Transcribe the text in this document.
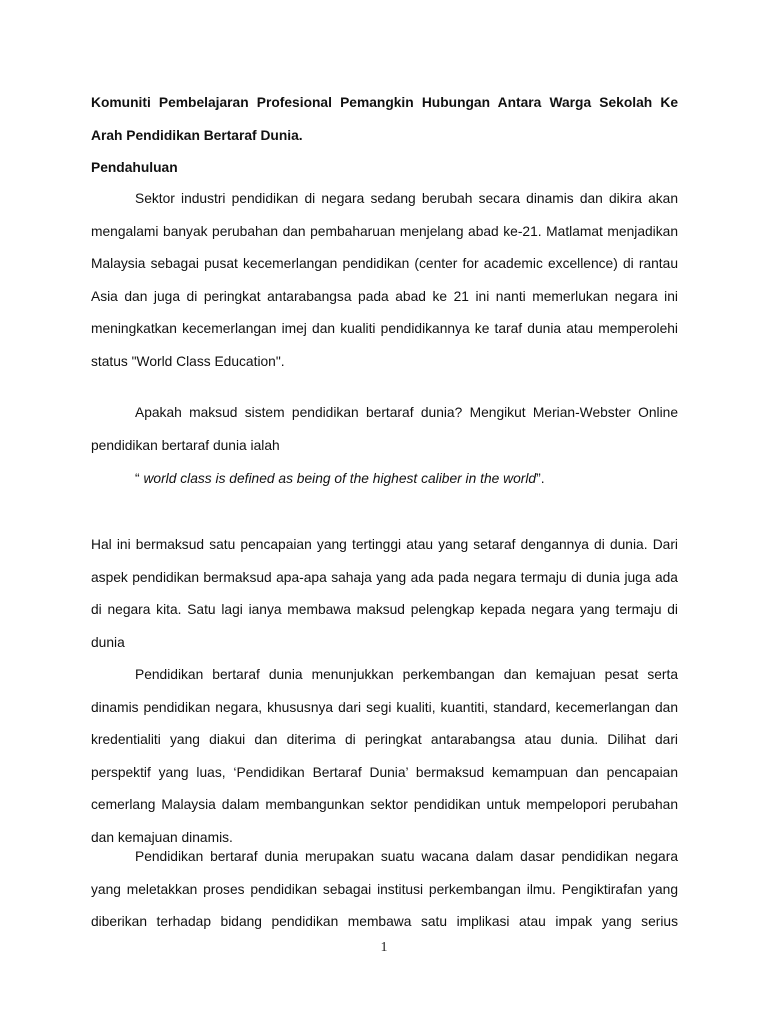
Komuniti Pembelajaran Profesional Pemangkin Hubungan Antara Warga Sekolah Ke
Arah Pendidikan Bertaraf Dunia.
Pendahuluan

Sektor industri pendidikan di negara sedang berubah secara dinamis dan dikira akan
mengalami banyak perubahan dan pembaharuan menjelang abad ke-21. Matlamat menjadikan
Malaysia sebagai pusat kecemerlangan pendidikan (center for academic excellence) di rantau
Asia dan juga di peringkat antarabangsa pada abad ke 21 ini nanti memerlukan negara ini
meningkatkan kecemerlangan imej dan kualiti pendidikannya ke taraf dunia atau memperolehi
status "World Class Education".

Apakah maksud sistem pendidikan bertaraf dunia? Mengikut Merian-Webster Online
pendidikan bertaraf dunia ialah

“ world class is defined as being of the highest caliber in the world”.

Hal ini bermaksud satu pencapaian yang tertinggi atau yang setaraf dengannya di dunia. Dari
aspek pendidikan bermaksud apa-apa sahaja yang ada pada negara termaju di dunia juga ada
di negara kita. Satu lagi ianya membawa maksud pelengkap kepada negara yang termaju di
dunia

Pendidikan bertaraf dunia menunjukkan perkembangan dan kemajuan pesat serta
dinamis pendidikan negara, khususnya dari segi kualiti, kuantiti, standard, kecemerlangan dan
kredentialiti yang diakui dan diterima di peringkat antarabangsa atau dunia. Dilihat dari
perspektif yang luas, ‘Pendidikan Bertaraf Dunia’ bermaksud kemampuan dan pencapaian
cemerlang Malaysia dalam membangunkan sektor pendidikan untuk mempelopori perubahan
dan kemajuan dinamis.

Pendidikan bertaraf dunia merupakan suatu wacana dalam dasar pendidikan negara
yang meletakkan proses pendidikan sebagai institusi perkembangan ilmu. Pengiktirafan yang
diberikan terhadap bidang pendidikan membawa satu implikasi atau impak yang serius

1
